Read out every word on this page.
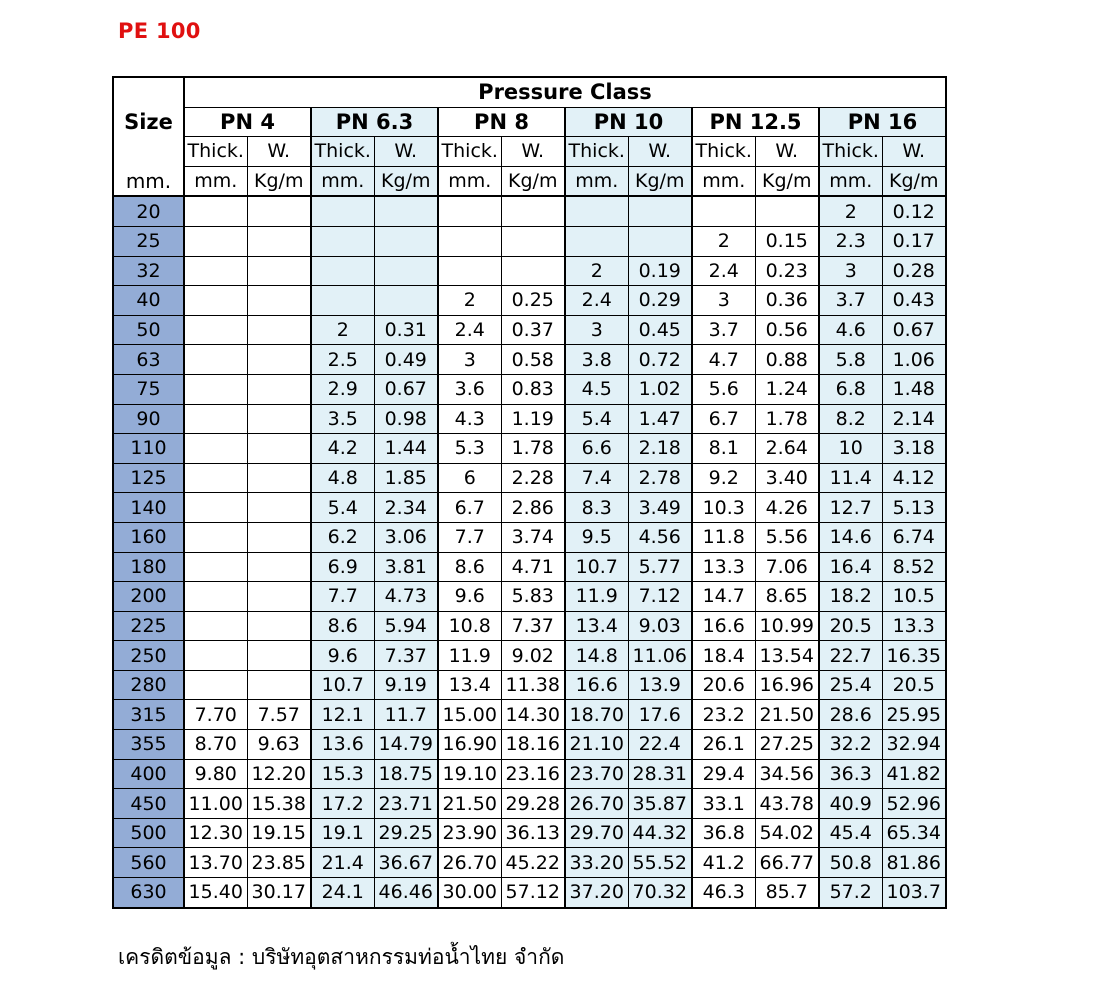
PE 100
Size	Pressure Class											
	PN 4		PN 6.3		PN 8		PN 10		PN 12.5		PN 16	
	Thick.	W.	Thick.	W.	Thick.	W.	Thick.	W.	Thick.	W.	Thick.	W.
mm.	mm.	Kg/m	mm.	Kg/m	mm.	Kg/m	mm.	Kg/m	mm.	Kg/m	mm.	Kg/m
20											2	0.12
25									2	0.15	2.3	0.17
32							2	0.19	2.4	0.23	3	0.28
40					2	0.25	2.4	0.29	3	0.36	3.7	0.43
50			2	0.31	2.4	0.37	3	0.45	3.7	0.56	4.6	0.67
63			2.5	0.49	3	0.58	3.8	0.72	4.7	0.88	5.8	1.06
75			2.9	0.67	3.6	0.83	4.5	1.02	5.6	1.24	6.8	1.48
90			3.5	0.98	4.3	1.19	5.4	1.47	6.7	1.78	8.2	2.14
110			4.2	1.44	5.3	1.78	6.6	2.18	8.1	2.64	10	3.18
125			4.8	1.85	6	2.28	7.4	2.78	9.2	3.40	11.4	4.12
140			5.4	2.34	6.7	2.86	8.3	3.49	10.3	4.26	12.7	5.13
160			6.2	3.06	7.7	3.74	9.5	4.56	11.8	5.56	14.6	6.74
180			6.9	3.81	8.6	4.71	10.7	5.77	13.3	7.06	16.4	8.52
200			7.7	4.73	9.6	5.83	11.9	7.12	14.7	8.65	18.2	10.5
225			8.6	5.94	10.8	7.37	13.4	9.03	16.6	10.99	20.5	13.3
250			9.6	7.37	11.9	9.02	14.8	11.06	18.4	13.54	22.7	16.35
280			10.7	9.19	13.4	11.38	16.6	13.9	20.6	16.96	25.4	20.5
315	7.70	7.57	12.1	11.7	15.00	14.30	18.70	17.6	23.2	21.50	28.6	25.95
355	8.70	9.63	13.6	14.79	16.90	18.16	21.10	22.4	26.1	27.25	32.2	32.94
400	9.80	12.20	15.3	18.75	19.10	23.16	23.70	28.31	29.4	34.56	36.3	41.82
450	11.00	15.38	17.2	23.71	21.50	29.28	26.70	35.87	33.1	43.78	40.9	52.96
500	12.30	19.15	19.1	29.25	23.90	36.13	29.70	44.32	36.8	54.02	45.4	65.34
560	13.70	23.85	21.4	36.67	26.70	45.22	33.20	55.52	41.2	66.77	50.8	81.86
630	15.40	30.17	24.1	46.46	30.00	57.12	37.20	70.32	46.3	85.7	57.2	103.7
เครดิตข้อมูล : บริษัทอุตสาหกรรมท่อน้ำไทย จำกัด
